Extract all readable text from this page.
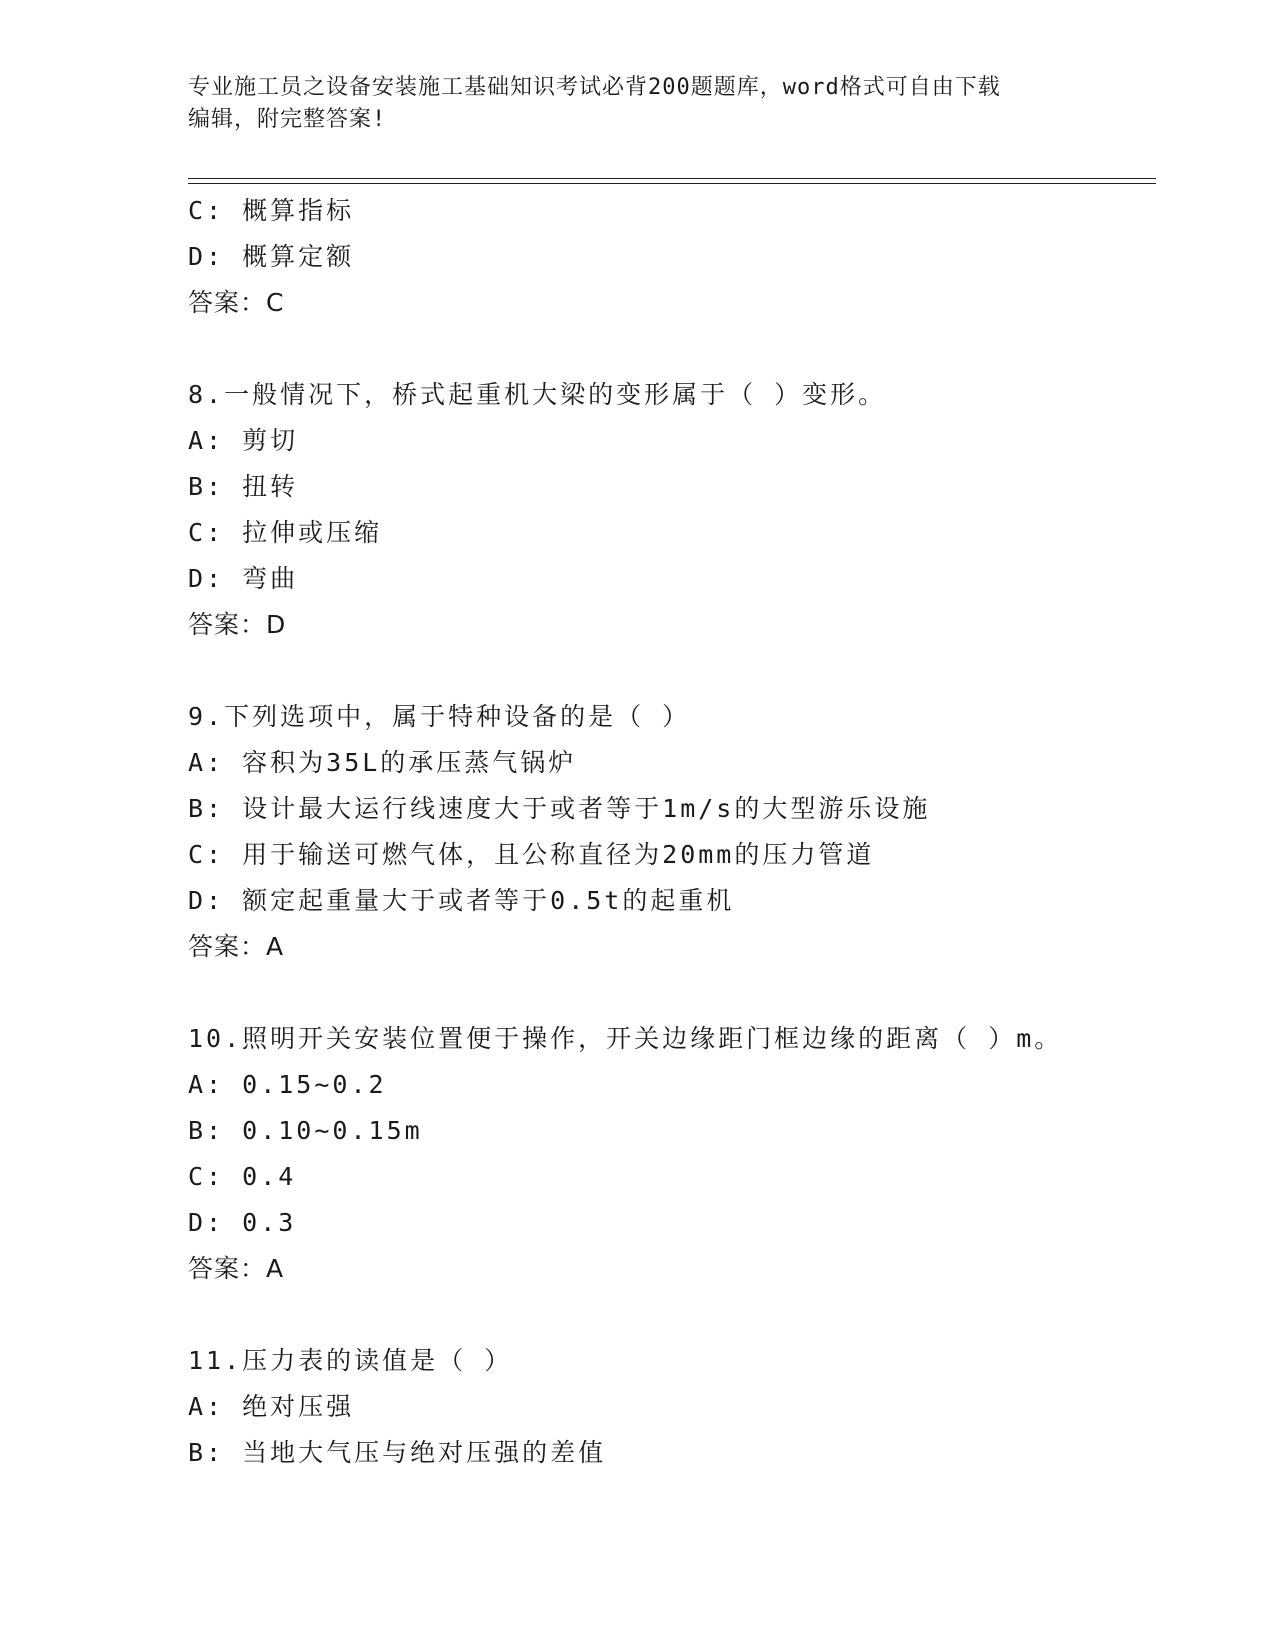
专业施工员之设备安装施工基础知识考试必背200题题库，word格式可自由下载
编辑，附完整答案!
C: 概算指标
D: 概算定额
答案：C
8.一般情况下，桥式起重机大梁的变形属于（ ）变形。
A: 剪切
B: 扭转
C: 拉伸或压缩
D: 弯曲
答案：D
9.下列选项中，属于特种设备的是（ ）
A: 容积为35L的承压蒸气锅炉
B: 设计最大运行线速度大于或者等于1m/s的大型游乐设施
C: 用于输送可燃气体，且公称直径为20mm的压力管道
D: 额定起重量大于或者等于0.5t的起重机
答案：A
10.照明开关安装位置便于操作，开关边缘距门框边缘的距离（ ）m。
A: 0.15~0.2
B: 0.10~0.15m
C: 0.4
D: 0.3
答案：A
11.压力表的读值是（ ）
A: 绝对压强
B: 当地大气压与绝对压强的差值
